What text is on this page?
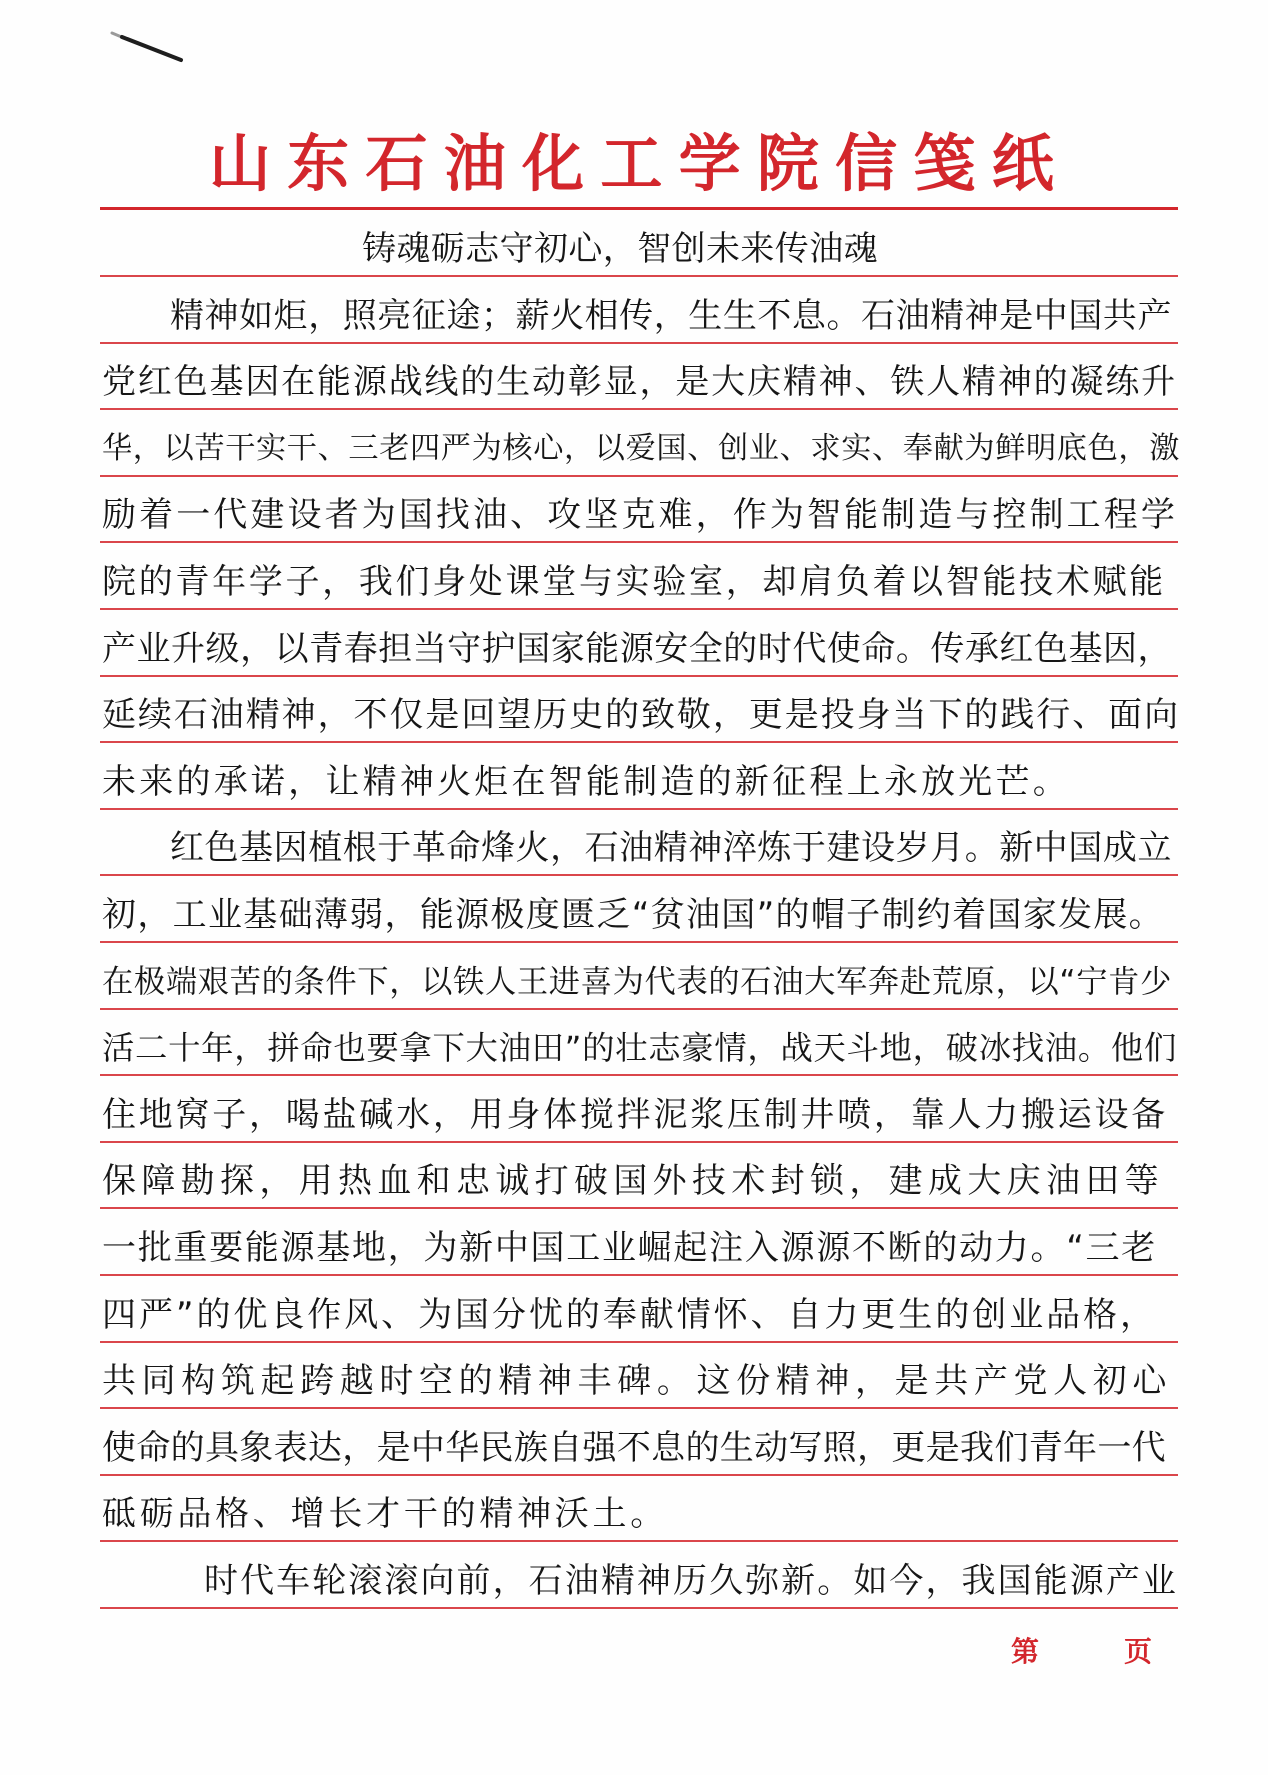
山东石油化工学院信笺纸
铸魂砺志守初心，智创未来传油魂
精神如炬，照亮征途；薪火相传，生生不息。石油精神是中国共产
党红色基因在能源战线的生动彰显，是大庆精神、铁人精神的凝练升
华，以苦干实干、三老四严为核心，以爱国、创业、求实、奉献为鲜明底色，激
励着一代建设者为国找油、攻坚克难，作为智能制造与控制工程学
院的青年学子，我们身处课堂与实验室，却肩负着以智能技术赋能
产业升级，以青春担当守护国家能源安全的时代使命。传承红色基因，
延续石油精神，不仅是回望历史的致敬，更是投身当下的践行、面向
未来的承诺，让精神火炬在智能制造的新征程上永放光芒。
红色基因植根于革命烽火，石油精神淬炼于建设岁月。新中国成立
初，工业基础薄弱，能源极度匮乏“贫油国”的帽子制约着国家发展。
在极端艰苦的条件下，以铁人王进喜为代表的石油大军奔赴荒原，以“宁肯少
活二十年，拼命也要拿下大油田”的壮志豪情，战天斗地，破冰找油。他们
住地窝子，喝盐碱水，用身体搅拌泥浆压制井喷，靠人力搬运设备
保障勘探，用热血和忠诚打破国外技术封锁，建成大庆油田等
一批重要能源基地，为新中国工业崛起注入源源不断的动力。“三老
四严”的优良作风、为国分忧的奉献情怀、自力更生的创业品格，
共同构筑起跨越时空的精神丰碑。这份精神，是共产党人初心
使命的具象表达，是中华民族自强不息的生动写照，更是我们青年一代
砥砺品格、增长才干的精神沃土。
时代车轮滚滚向前，石油精神历久弥新。如今，我国能源产业
第	页
